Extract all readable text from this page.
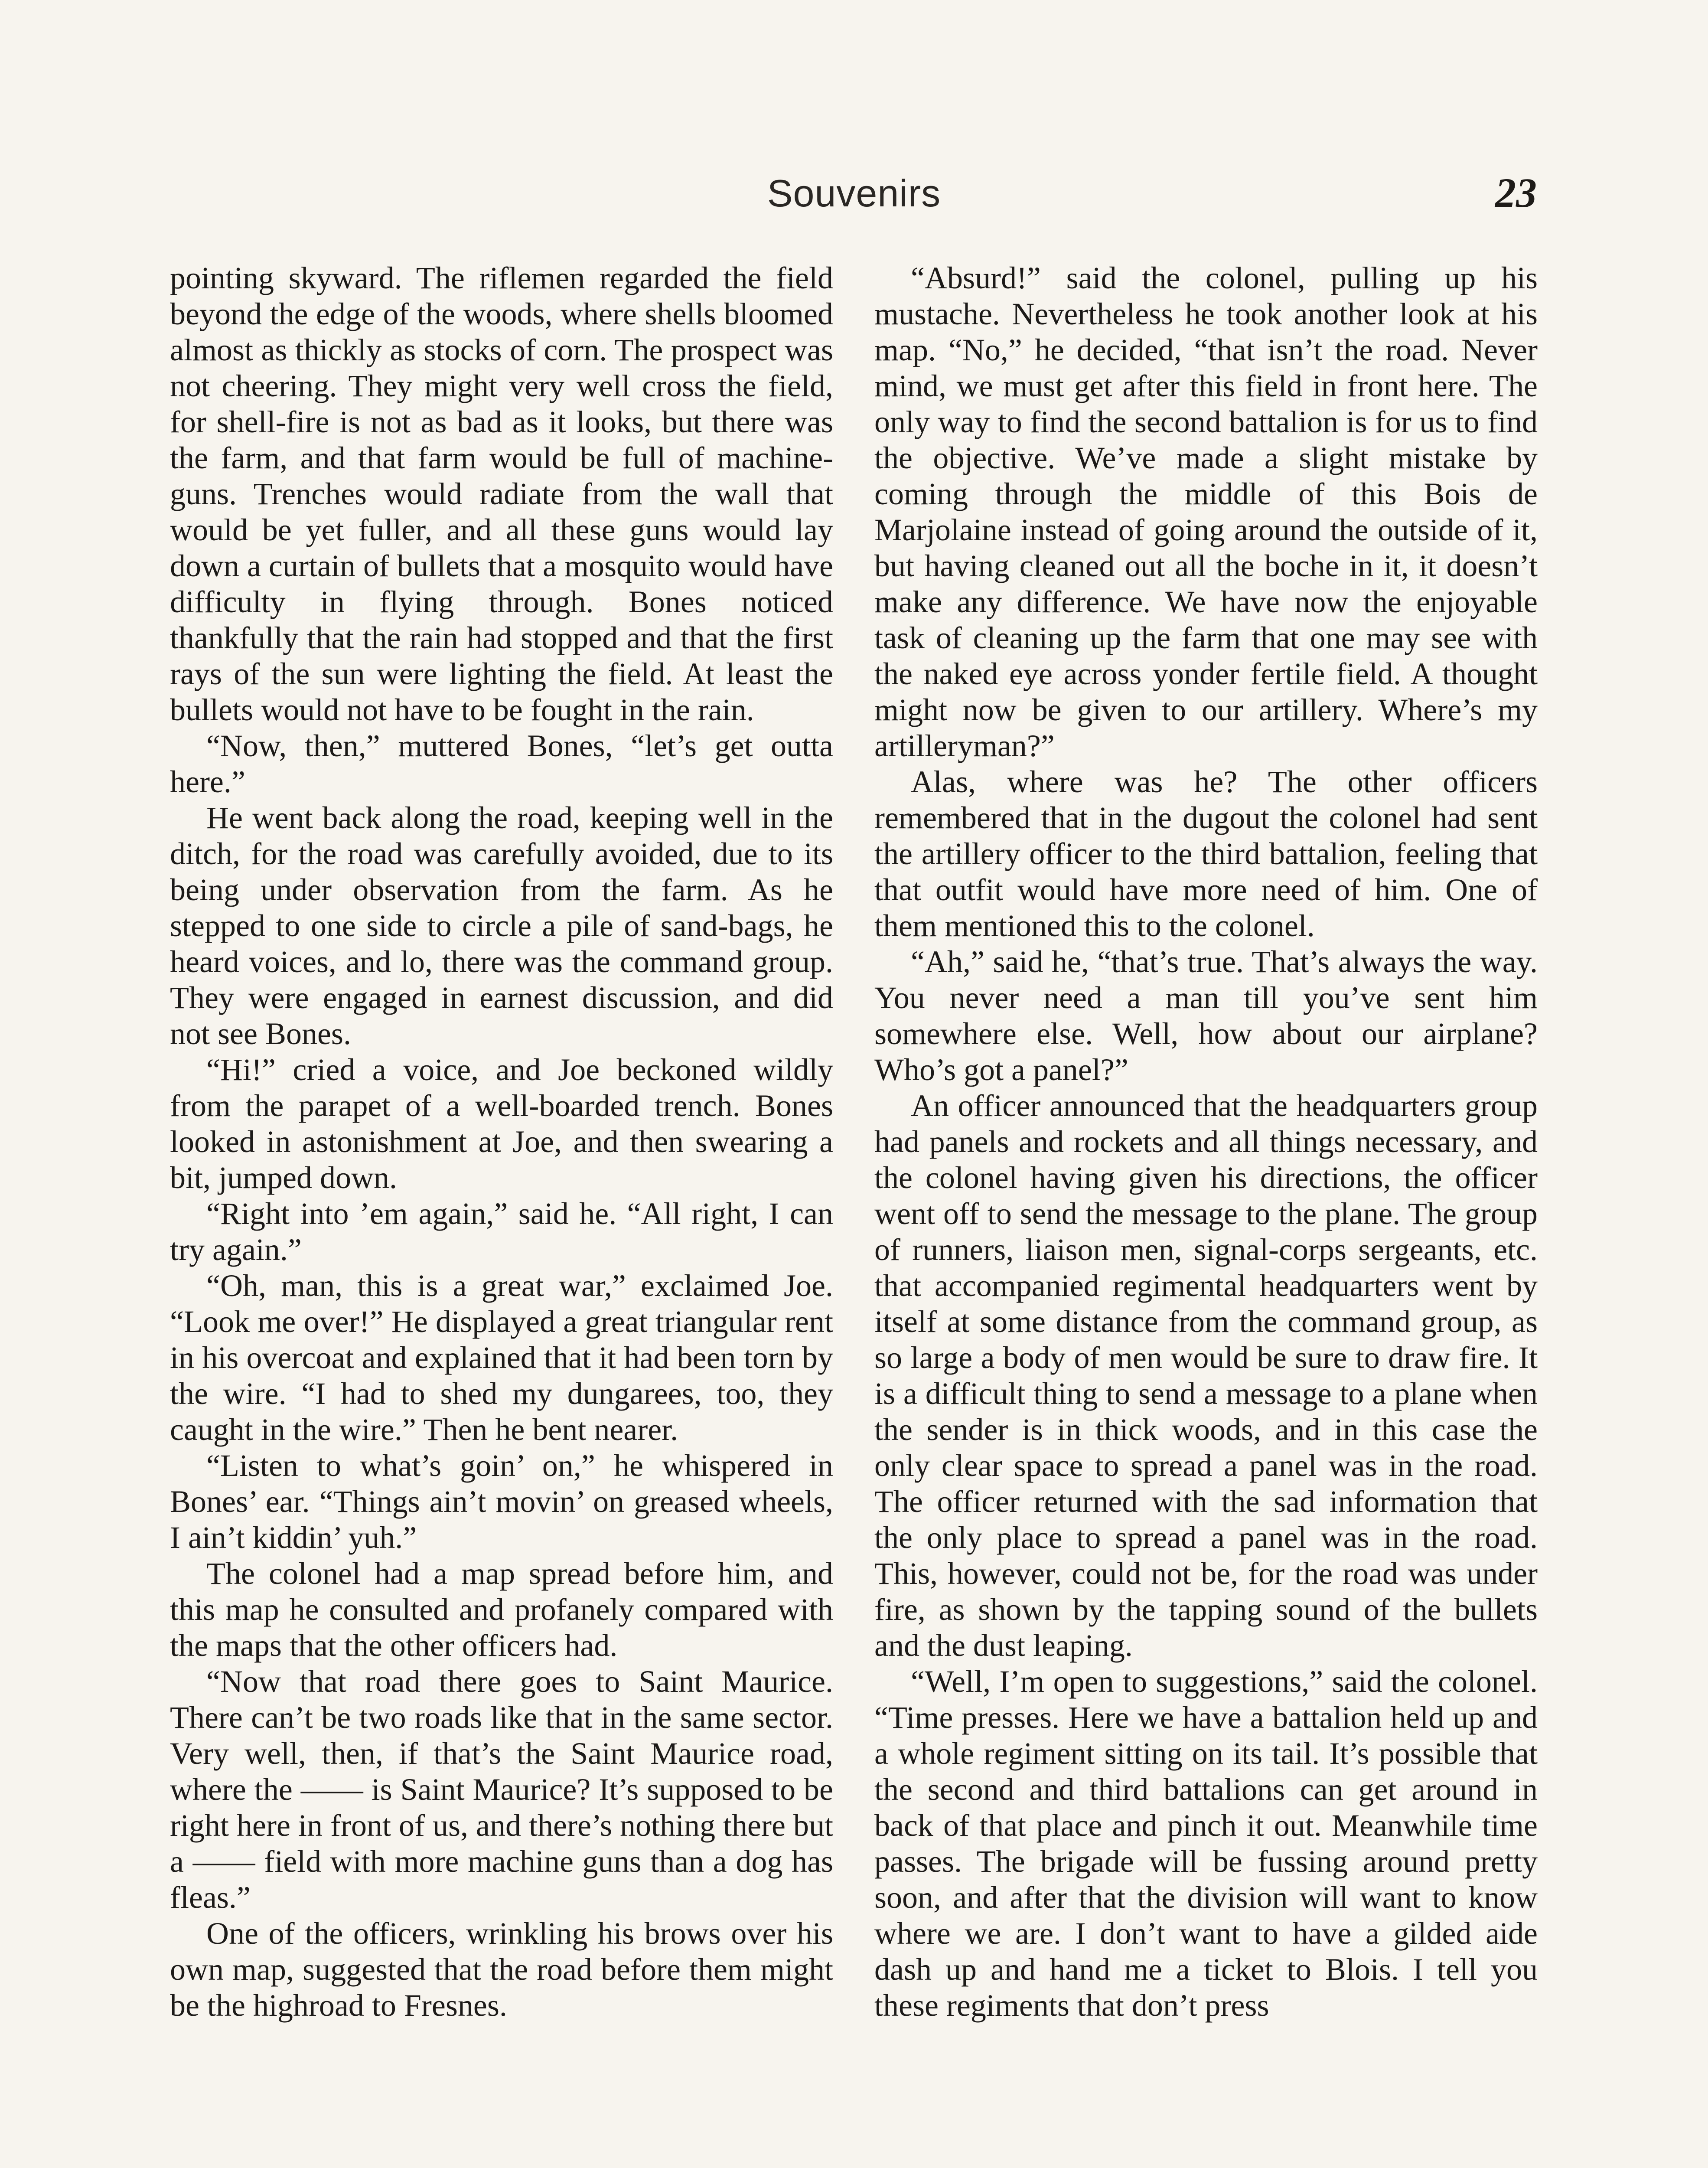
Souvenirs	23

pointing skyward. The riflemen regarded the field beyond the edge of the woods, where shells bloomed almost as thickly as stocks of corn. The prospect was not cheering. They might very well cross the field, for shell-fire is not as bad as it looks, but there was the farm, and that farm would be full of machine-guns. Trenches would radiate from the wall that would be yet fuller, and all these guns would lay down a curtain of bullets that a mosquito would have difficulty in flying through. Bones noticed thankfully that the rain had stopped and that the first rays of the sun were lighting the field. At least the bullets would not have to be fought in the rain.

“Now, then,” muttered Bones, “let’s get outta here.”

He went back along the road, keeping well in the ditch, for the road was carefully avoided, due to its being under observation from the farm. As he stepped to one side to circle a pile of sand-bags, he heard voices, and lo, there was the command group. They were engaged in earnest discussion, and did not see Bones.

“Hi!” cried a voice, and Joe beckoned wildly from the parapet of a well-boarded trench. Bones looked in astonishment at Joe, and then swearing a bit, jumped down.

“Right into ’em again,” said he. “All right, I can try again.”

“Oh, man, this is a great war,” exclaimed Joe. “Look me over!” He displayed a great triangular rent in his overcoat and explained that it had been torn by the wire. “I had to shed my dungarees, too, they caught in the wire.” Then he bent nearer.

“Listen to what’s goin’ on,” he whispered in Bones’ ear. “Things ain’t movin’ on greased wheels, I ain’t kiddin’ yuh.”

The colonel had a map spread before him, and this map he consulted and profanely compared with the maps that the other officers had.

“Now that road there goes to Saint Maurice. There can’t be two roads like that in the same sector. Very well, then, if that’s the Saint Maurice road, where the —— is Saint Maurice? It’s supposed to be right here in front of us, and there’s nothing there but a —— field with more machine guns than a dog has fleas.”

One of the officers, wrinkling his brows over his own map, suggested that the road before them might be the highroad to Fresnes.

“Absurd!” said the colonel, pulling up his mustache. Nevertheless he took another look at his map. “No,” he decided, “that isn’t the road. Never mind, we must get after this field in front here. The only way to find the second battalion is for us to find the objective. We’ve made a slight mistake by coming through the middle of this Bois de Marjolaine instead of going around the outside of it, but having cleaned out all the boche in it, it doesn’t make any difference. We have now the enjoyable task of cleaning up the farm that one may see with the naked eye across yonder fertile field. A thought might now be given to our artillery. Where’s my artilleryman?”

Alas, where was he? The other officers remembered that in the dugout the colonel had sent the artillery officer to the third battalion, feeling that that outfit would have more need of him. One of them mentioned this to the colonel.

“Ah,” said he, “that’s true. That’s always the way. You never need a man till you’ve sent him somewhere else. Well, how about our airplane? Who’s got a panel?”

An officer announced that the headquarters group had panels and rockets and all things necessary, and the colonel having given his directions, the officer went off to send the message to the plane. The group of runners, liaison men, signal-corps sergeants, etc. that accompanied regimental headquarters went by itself at some distance from the command group, as so large a body of men would be sure to draw fire. It is a difficult thing to send a message to a plane when the sender is in thick woods, and in this case the only clear space to spread a panel was in the road. The officer returned with the sad information that the only place to spread a panel was in the road. This, however, could not be, for the road was under fire, as shown by the tapping sound of the bullets and the dust leaping.

“Well, I’m open to suggestions,” said the colonel. “Time presses. Here we have a battalion held up and a whole regiment sitting on its tail. It’s possible that the second and third battalions can get around in back of that place and pinch it out. Meanwhile time passes. The brigade will be fussing around pretty soon, and after that the division will want to know where we are. I don’t want to have a gilded aide dash up and hand me a ticket to Blois. I tell you these regiments that don’t press
